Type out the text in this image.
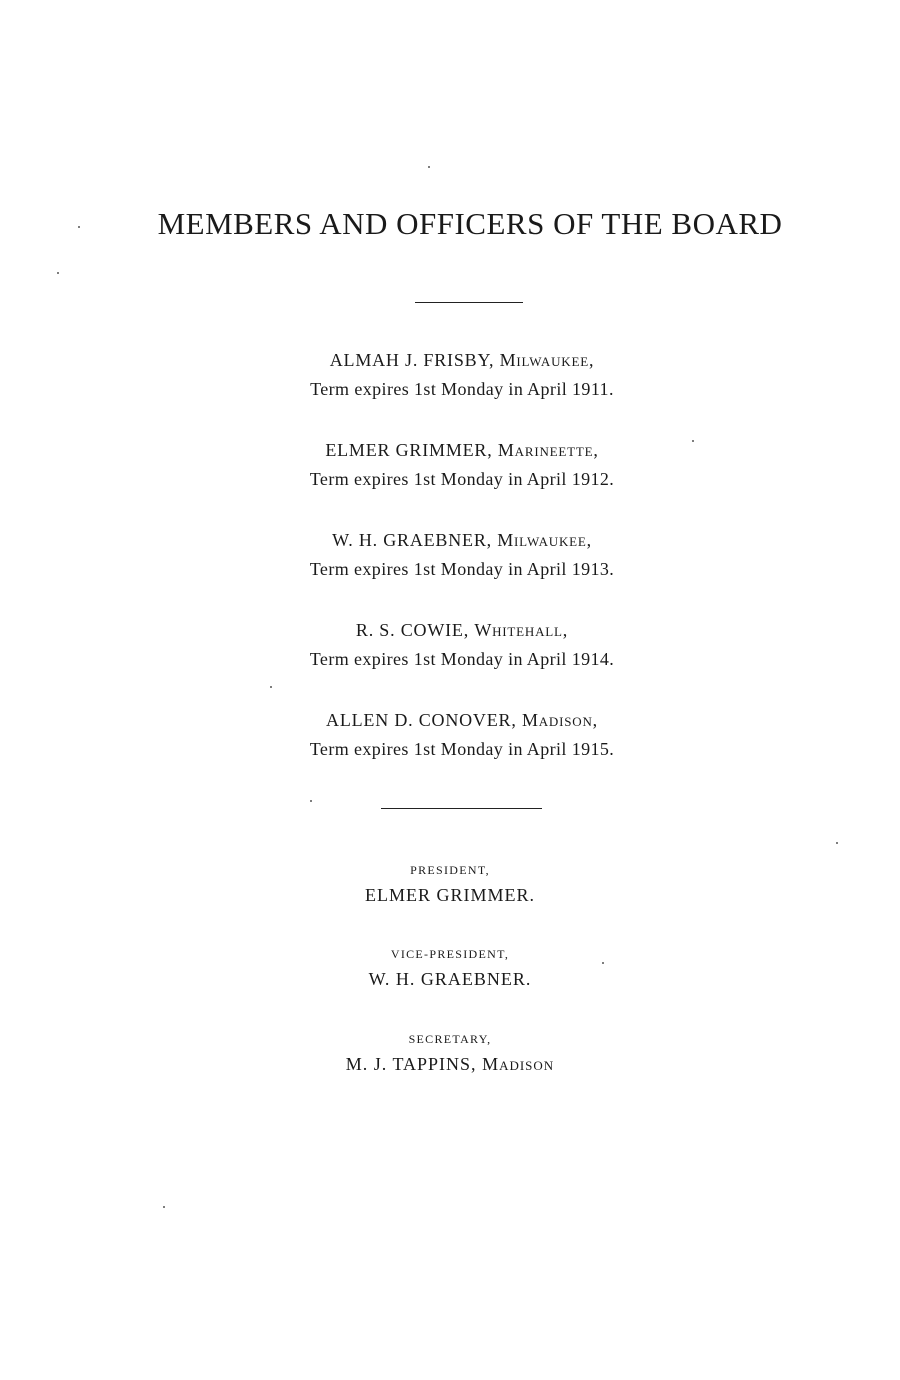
MEMBERS AND OFFICERS OF THE BOARD
ALMAH J. FRISBY, Milwaukee,
Term expires 1st Monday in April 1911.
ELMER GRIMMER, Marineette,
Term expires 1st Monday in April 1912.
W. H. GRAEBNER, Milwaukee,
Term expires 1st Monday in April 1913.
R. S. COWIE, Whitehall,
Term expires 1st Monday in April 1914.
ALLEN D. CONOVER, Madison,
Term expires 1st Monday in April 1915.
PRESIDENT,
ELMER GRIMMER.
VICE-PRESIDENT,
W. H. GRAEBNER.
SECRETARY,
M. J. TAPPINS, Madison
